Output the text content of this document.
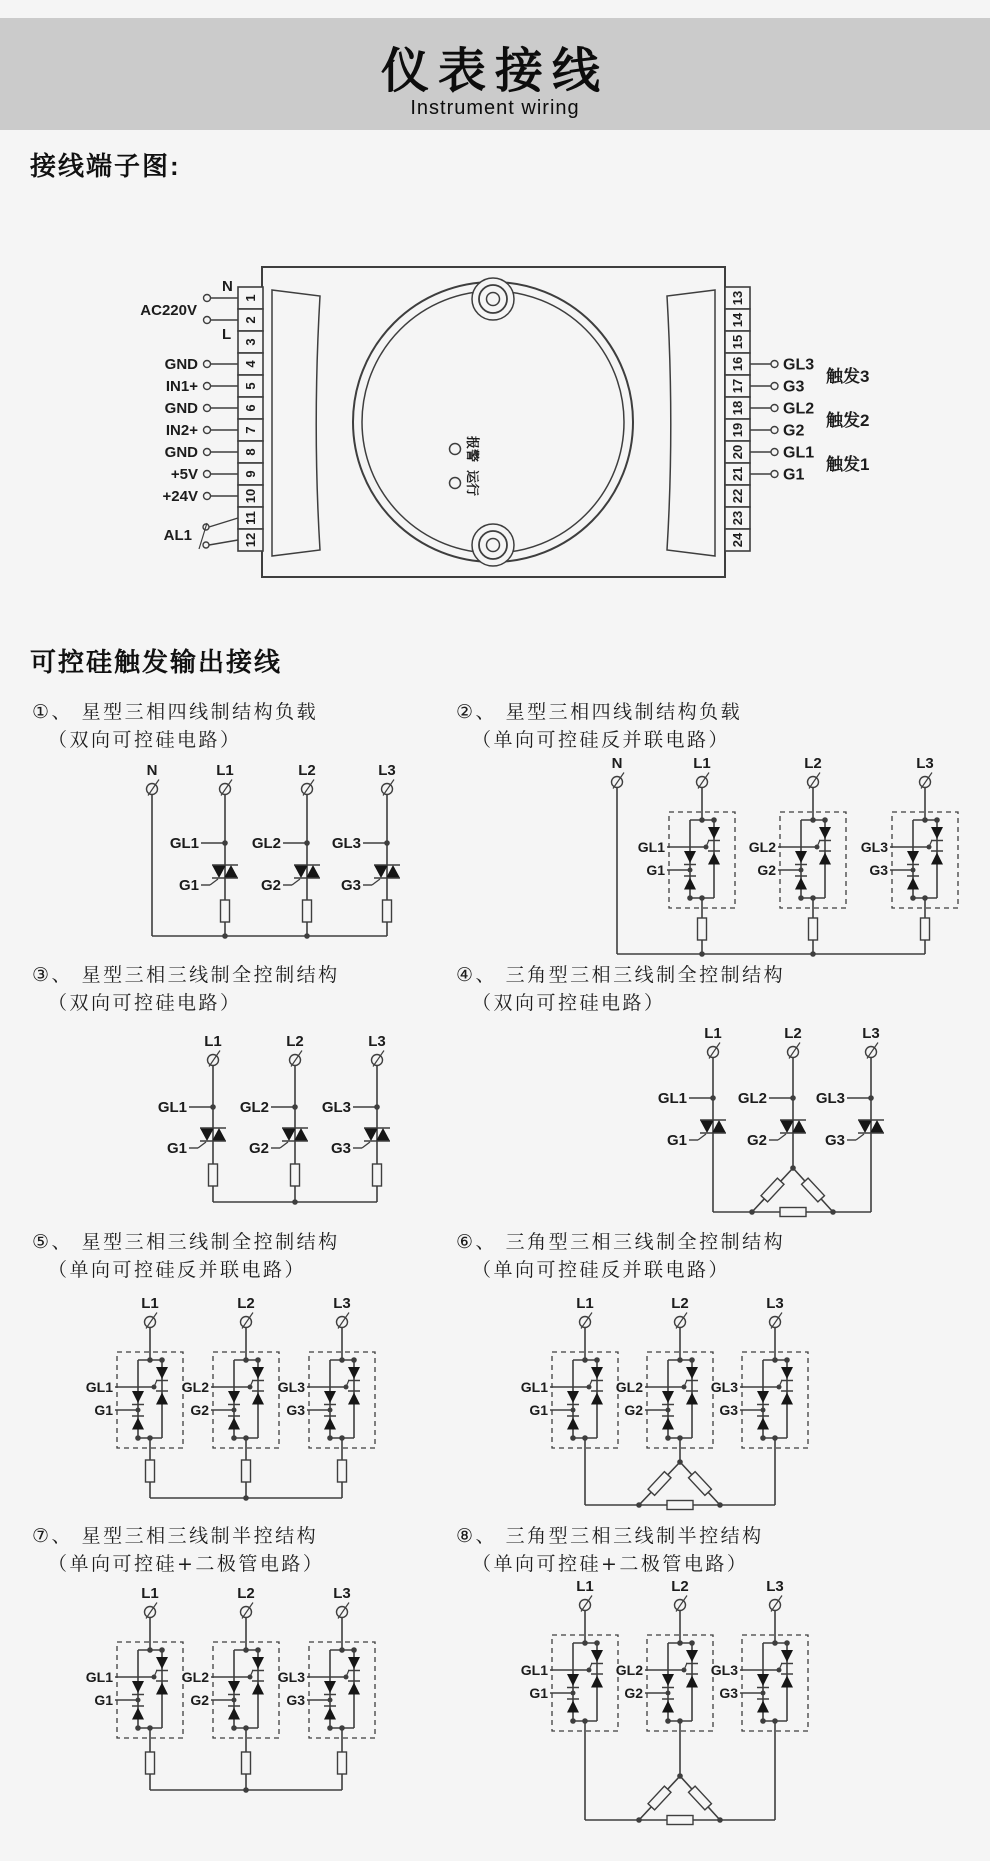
仪表接线
Instrument wiring
接线端子图:
可控硅触发输出接线
报警
运行
1
2
3
4
5
6
7
8
9
10
11
12
13
14
15
16
17
18
19
20
21
22
23
24
N
L
GND
IN1+
GND
IN2+
GND
+5V
+24V
AC220V
AL1
GL3
G3
GL2
G2
GL1
G1
触发3
触发2
触发1
①、 星型三相四线制结构负载
（双向可控硅电路）
N	L1	L2	L3
GL1
G1
GL2
G2
GL3
G3
②、 星型三相四线制结构负载
（单向可控硅反并联电路）
N	L1	L2	L3
GL1
G1
GL2
G2
GL3
G3
③、 星型三相三线制全控制结构
（双向可控硅电路）
L1	L2	L3
GL1
G1
GL2
G2
GL3
G3
④、 三角型三相三线制全控制结构
（双向可控硅电路）
L1	L2	L3
GL1
G1
GL2
G2
GL3
G3
⑤、 星型三相三线制全控制结构
（单向可控硅反并联电路）
L1	L2	L3
GL1
G1
GL2
G2
GL3
G3
⑥、 三角型三相三线制全控制结构
（单向可控硅反并联电路）
L1	L2	L3
GL1
G1
GL2
G2
GL3
G3
⑦、 星型三相三线制半控结构
（单向可控硅+二极管电路）
L1	L2	L3
GL1
G1
GL2
G2
GL3
G3
⑧、 三角型三相三线制半控结构
（单向可控硅+二极管电路）
L1	L2	L3
GL1
G1
GL2
G2
GL3
G3
